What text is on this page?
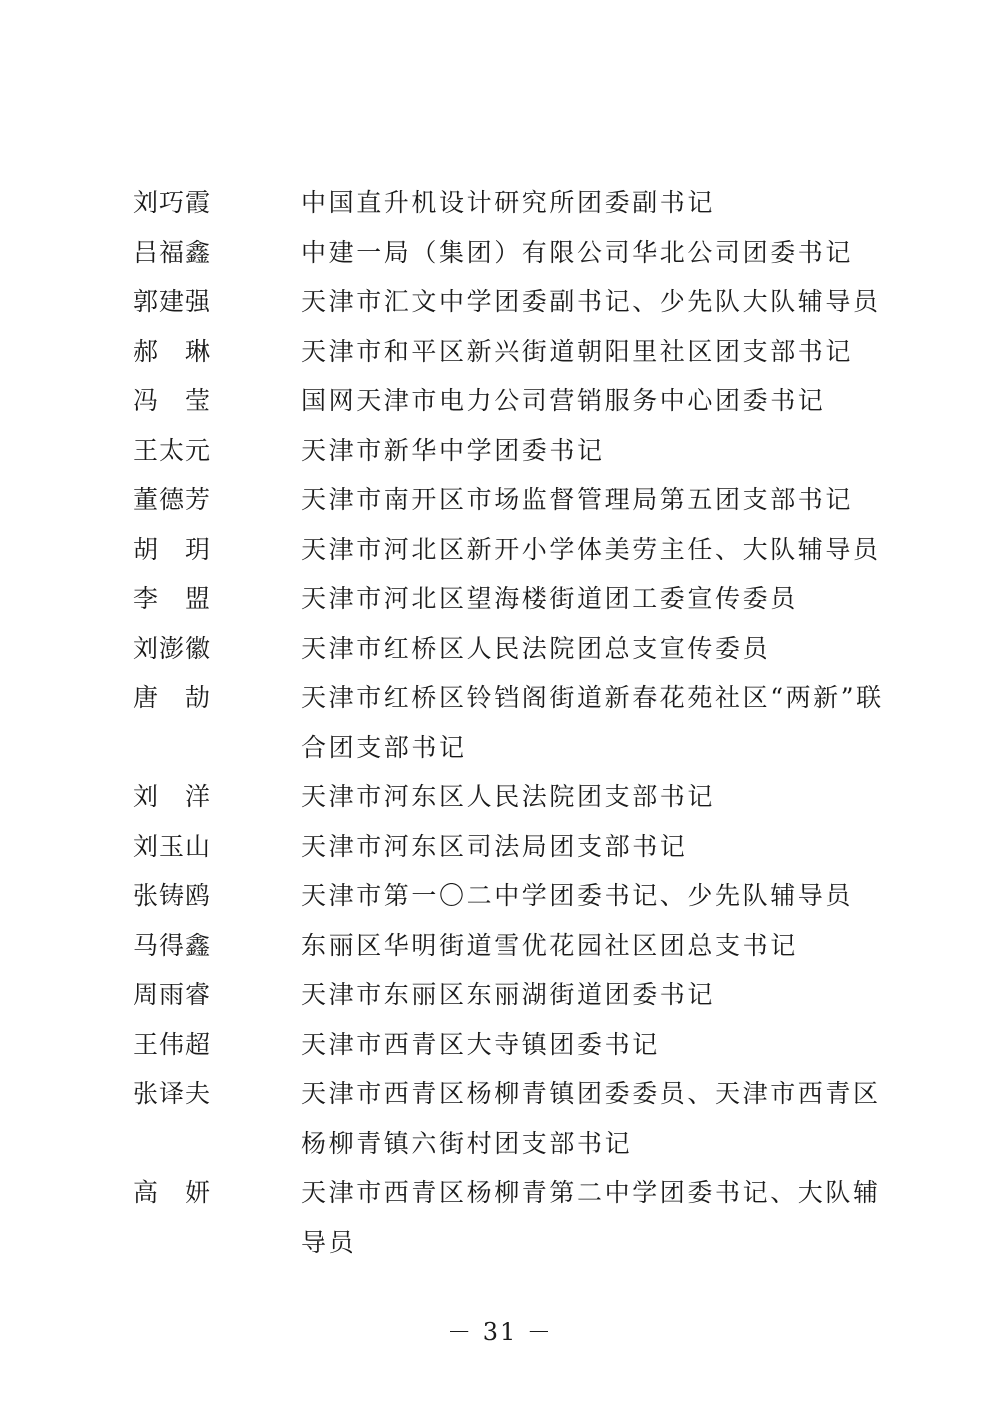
刘巧霞	中国直升机设计研究所团委副书记
吕福鑫	中建一局（集团）有限公司华北公司团委书记
郭建强	天津市汇文中学团委副书记、少先队大队辅导员
郝　琳	天津市和平区新兴街道朝阳里社区团支部书记
冯　莹	国网天津市电力公司营销服务中心团委书记
王太元	天津市新华中学团委书记
董德芳	天津市南开区市场监督管理局第五团支部书记
胡　玥	天津市河北区新开小学体美劳主任、大队辅导员
李　盟	天津市河北区望海楼街道团工委宣传委员
刘澎徽	天津市红桥区人民法院团总支宣传委员
唐　劼	天津市红桥区铃铛阁街道新春花苑社区“两新”联合团支部书记
刘　洋	天津市河东区人民法院团支部书记
刘玉山	天津市河东区司法局团支部书记
张铸鸥	天津市第一〇二中学团委书记、少先队辅导员
马得鑫	东丽区华明街道雪优花园社区团总支书记
周雨睿	天津市东丽区东丽湖街道团委书记
王伟超	天津市西青区大寺镇团委书记
张译夫	天津市西青区杨柳青镇团委委员、天津市西青区杨柳青镇六街村团支部书记
高　妍	天津市西青区杨柳青第二中学团委书记、大队辅导员
－ 31 －
